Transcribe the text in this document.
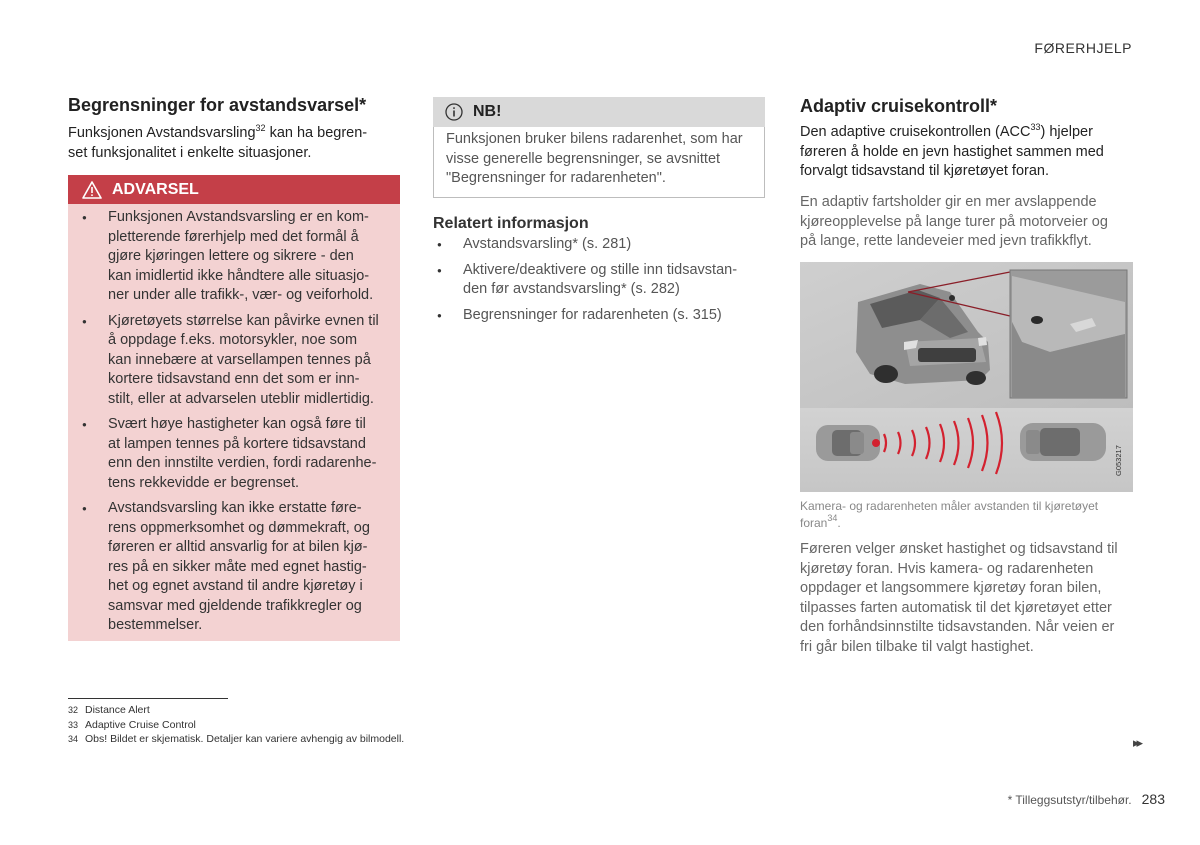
FØRERHJELP
Begrensninger for avstandsvarsel*
Funksjonen Avstandsvarsling$^{32}$ kan ha begren-
set funksjonalitet i enkelte situasjoner.
ADVARSEL
● Funksjonen Avstandsvarsling er en kom-
pletterende førerhjelp med det formål å
gjøre kjøringen lettere og sikrere - den
kan imidlertid ikke håndtere alle situasjo-
ner under alle trafikk-, vær- og veiforhold.
● Kjøretøyets størrelse kan påvirke evnen til
å oppdage f.eks. motorsykler, noe som
kan innebære at varsellampen tennes på
kortere tidsavstand enn det som er inn-
stilt, eller at advarselen uteblir midlertidig.
● Svært høye hastigheter kan også føre til
at lampen tennes på kortere tidsavstand
enn den innstilte verdien, fordi radarenhe-
tens rekkevidde er begrenset.
● Avstandsvarsling kan ikke erstatte føre-
rens oppmerksomhet og dømmekraft, og
føreren er alltid ansvarlig for at bilen kjø-
res på en sikker måte med egnet hastig-
het og egnet avstand til andre kjøretøy i
samsvar med gjeldende trafikkregler og
bestemmelser.
NB!

Funksjonen bruker bilens radarenhet, som har
visse generelle begrensninger, se avsnittet
"Begrensninger for radarenheten".

Relatert informasjon
● Avstandsvarsling* (s. 281)
● Aktivere/deaktivere og stille inn tidsavstan-
den før avstandsvarsling* (s. 282)
● Begrensninger for radarenheten (s. 315)
Adaptiv cruisekontroll*
Den adaptive cruisekontrollen (ACC$^{33}$) hjelper
føreren å holde en jevn hastighet sammen med
forvalgt tidsavstand til kjøretøyet foran.
En adaptiv fartsholder gir en mer avslappende
kjøreopplevelse på lange turer på motorveier og
på lange, rette landeveier med jevn trafikkflyt.
G053217
Kamera- og radarenheten måler avstanden til kjøretøyet
foran$^{34}$.
Føreren velger ønsket hastighet og tidsavstand til
kjøretøy foran. Hvis kamera- og radarenheten
oppdager et langsommere kjøretøy foran bilen,
tilpasses farten automatisk til det kjøretøyet etter
den forhåndsinnstilte tidsavstanden. Når veien er
fri går bilen tilbake til valgt hastighet.
32 Distance Alert
33 Adaptive Cruise Control
34 Obs! Bildet er skjematisk. Detaljer kan variere avhengig av bilmodell.	▸▸
* Tilleggsutstyr/tilbehør. 283
